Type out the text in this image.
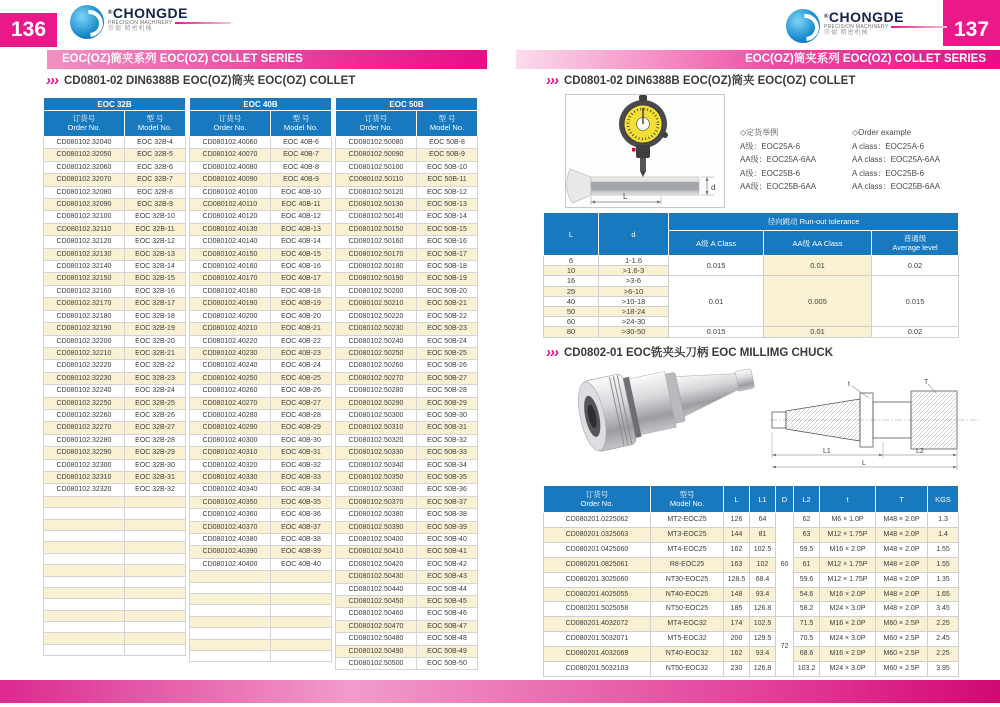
136	137
®CHONGDE
PRECISION MACHINERY
崇德 精密机械
®CHONGDE
PRECISION MACHINERY
崇德 精密机械
EOC(OZ)筒夹系列 EOC(OZ) COLLET SERIES	EOC(OZ)筒夹系列 EOC(OZ) COLLET SERIES
››› CD0801-02 DIN6388B EOC(OZ)筒夹 EOC(OZ) COLLET	››› CD0801-02 DIN6388B EOC(OZ)筒夹 EOC(OZ) COLLET
››› CD0802-01 EOC铣夹头刀柄 EOC MILLIMG CHUCK
EOC 32B	
订货号
Order No.	型 号
Model No.
CD080102.32040	EOC 32B-4
CD080102.32050	EOC 32B-5
CD080102.32060	EOC 32B-6
CD080102.32070	EOC 32B-7
CD080102.32080	EOC 32B-8
CD080102.32090	EOC 32B-9
CD080102.32100	EOC 32B-10
CD080102.32110	EOC 32B-11
CD080102.32120	EOC 32B-12
CD080102.32130	EOC 32B-13
CD080102.32140	EOC 32B-14
CD080102.32150	EOC 32B-15
CD080102.32160	EOC 32B-16
CD080102.32170	EOC 32B-17
CD080102.32180	EOC 32B-18
CD080102.32190	EOC 32B-19
CD080102.32200	EOC 32B-20
CD080102.32210	EOC 32B-21
CD080102.32220	EOC 32B-22
CD080102.32230	EOC 32B-23
CD080102.32240	EOC 32B-24
CD080102.32250	EOC 32B-25
CD080102.32260	EOC 32B-26
CD080102.32270	EOC 32B-27
CD080102.32280	EOC 32B-28
CD080102.32290	EOC 32B-29
CD080102.32300	EOC 32B-30
CD080102.32310	EOC 32B-31
CD080102.32320	EOC 32B-32

EOC 40B	
订货号
Order No.	型 号
Model No.
CD080102.40060	EOC 40B-6
CD080102.40070	EOC 40B-7
CD080102.40080	EOC 40B-8
CD080102.40090	EOC 40B-9
CD080102.40100	EOC 40B-10
CD080102.40110	EOC 40B-11
CD080102.40120	EOC 40B-12
CD080102.40130	EOC 40B-13
CD080102.40140	EOC 40B-14
CD080102.40150	EOC 40B-15
CD080102.40160	EOC 40B-16
CD080102.40170	EOC 40B-17
CD080102.40180	EOC 40B-18
CD080102.40190	EOC 40B-19
CD080102.40200	EOC 40B-20
CD080102.40210	EOC 40B-21
CD080102.40220	EOC 40B-22
CD080102.40230	EOC 40B-23
CD080102.40240	EOC 40B-24
CD080102.40250	EOC 40B-25
CD080102.40260	EOC 40B-26
CD080102.40270	EOC 40B-27
CD080102.40280	EOC 40B-28
CD080102.40290	EOC 40B-29
CD080102.40300	EOC 40B-30
CD080102.40310	EOC 40B-31
CD080102.40320	EOC 40B-32
CD080102.40330	EOC 40B-33
CD080102.40340	EOC 40B-34
CD080102.40350	EOC 40B-35
CD080102.40360	EOC 40B-36
CD080102.40370	EOC 40B-37
CD080102.40380	EOC 40B-38
CD080102.40390	EOC 40B-39
CD080102.40400	EOC 40B-40

EOC 50B	
订货号
Order No.	型 号
Model No.
CD080102.50080	EOC 50B-8
CD080102.50090	EOC 50B-9
CD080102.50100	EOC 50B-10
CD080102.50110	EOC 50B-11
CD080102.50120	EOC 50B-12
CD080102.50130	EOC 50B-13
CD080102.50140	EOC 50B-14
CD080102.50150	EOC 50B-15
CD080102.50160	EOC 50B-16
CD080102.50170	EOC 50B-17
CD080102.50180	EOC 50B-18
CD080102.50190	EOC 50B-19
CD080102.50200	EOC 50B-20
CD080102.50210	EOC 50B-21
CD080102.50220	EOC 50B-22
CD080102.50230	EOC 50B-23
CD080102.50240	EOC 50B-24
CD080102.50250	EOC 50B-25
CD080102.50260	EOC 50B-26
CD080102.50270	EOC 50B-27
CD080102.50280	EOC 50B-28
CD080102.50290	EOC 50B-29
CD080102.50300	EOC 50B-30
CD080102.50310	EOC 50B-31
CD080102.50320	EOC 50B-32
CD080102.50330	EOC 50B-33
CD080102.50340	EOC 50B-34
CD080102.50350	EOC 50B-35
CD080102.50360	EOC 50B-36
CD080102.50370	EOC 50B-37
CD080102.50380	EOC 50B-38
CD080102.50390	EOC 50B-39
CD080102.50400	EOC 50B-40
CD080102.50410	EOC 50B-41
CD080102.50420	EOC 50B-42
CD080102.50430	EOC 50B-43
CD080102.50440	EOC 50B-44
CD080102.50450	EOC 50B-45
CD080102.50460	EOC 50B-46
CD080102.50470	EOC 50B-47
CD080102.50480	EOC 50B-48
CD080102.50490	EOC 50B-49
CD080102.50500	EOC 50B-50
d
L
◇定货举例
A级：EOC25A-6
AA级：EOC25A-6AA
A级：EOC25B-6
AA级：EOC25B-6AA
◇Order example
A class：EOC25A-6
AA class：EOC25A-6AA
A class：EOC25B-6
AA class：EOC25B-6AA
L	d	径向跳动 Run-out tolerance		
		A级 A Class	AA级 AA Class	普通级
Average level
6	1-1.6	0.015	0.01	0.02
10	>1.6-3			
16	>3-6	0.01	0.005	0.015
25	>6-10			
40	>10-18			
50	>18-24			
60	>24-30			
80	>30-50	0.015	0.01	0.02
t	T
L1	L2
L
订货号
Order No.	型号
Model No.	L	L1	D	L2	t	T	KGS
CD080201.0225062	MT2-EOC25	126	64	60	62	M6 × 1.0P	M48 × 2.0P	1.3
CD080201.0325063	MT3-EOC25	144	81		63	M12 × 1.75P	M48 × 2.0P	1.4
CD080201.0425060	MT4-EOC25	162	102.5		59.5	M16 × 2.0P	M48 × 2.0P	1.55
CD080201.0825061	R8-EOC25	163	102		61	M12 × 1.75P	M48 × 2.0P	1.55
CD080201.3025060	NT30-EOC25	128.5	68.4		59.6	M12 × 1.75P	M48 × 2.0P	1.35
CD080201.4025055	NT40-EOC25	148	93.4		54.6	M16 × 2.0P	M48 × 2.0P	1.65
CD080201.5025058	NT50-EOC25	185	126.8		58.2	M24 × 3.0P	M48 × 2.0P	3.45
CD080201.4032072	MT4-EOC32	174	102.5	72	71.5	M16 × 2.0P	M60 × 2.5P	2.25
CD080201.5032071	MT5-EOC32	200	129.5		70.5	M24 × 3.0P	M60 × 2.5P	2.45
CD080201.4032069	NT40-EOC32	162	93.4		68.6	M16 × 2.0P	M60 × 2.5P	2.25
CD080201.5032103	NT50-EOC32	230	126.8		103.2	M24 × 3.0P	M60 × 2.5P	3.95
